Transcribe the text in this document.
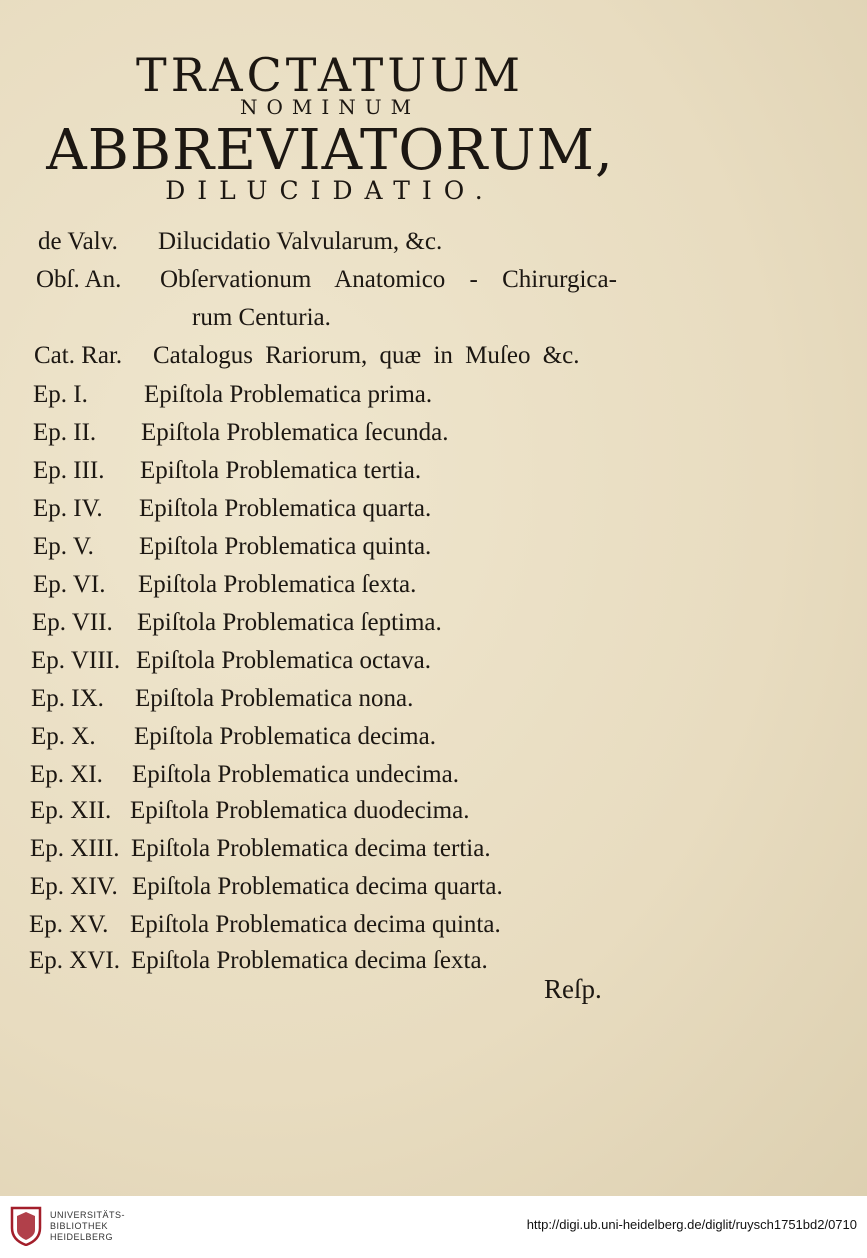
TRACTATUUM
NOMINUM
ABBREVIATORUM,
DILUCIDATIO.
de Valv. Dilucidatio Valvularum, &c.
Obſ. An. Obſervationum Anatomico - Chirurgica-
rum Centuria.
Cat. Rar. Catalogus Rariorum, quæ in Muſeo &c.
Ep. I. Epiſtola Problematica prima.
Ep. II. Epiſtola Problematica ſecunda.
Ep. III. Epiſtola Problematica tertia.
Ep. IV. Epiſtola Problematica quarta.
Ep. V. Epiſtola Problematica quinta.
Ep. VI. Epiſtola Problematica ſexta.
Ep. VII. Epiſtola Problematica ſeptima.
Ep. VIII. Epiſtola Problematica octava.
Ep. IX. Epiſtola Problematica nona.
Ep. X. Epiſtola Problematica decima.
Ep. XI. Epiſtola Problematica undecima.
Ep. XII. Epiſtola Problematica duodecima.
Ep. XIII. Epiſtola Problematica decima tertia.
Ep. XIV. Epiſtola Problematica decima quarta.
Ep. XV. Epiſtola Problematica decima quinta.
Ep. XVI. Epiſtola Problematica decima ſexta.
Reſp.
UNIVERSITÄTS-
BIBLIOTHEK
HEIDELBERG
http://digi.ub.uni-heidelberg.de/diglit/ruysch1751bd2/0710
